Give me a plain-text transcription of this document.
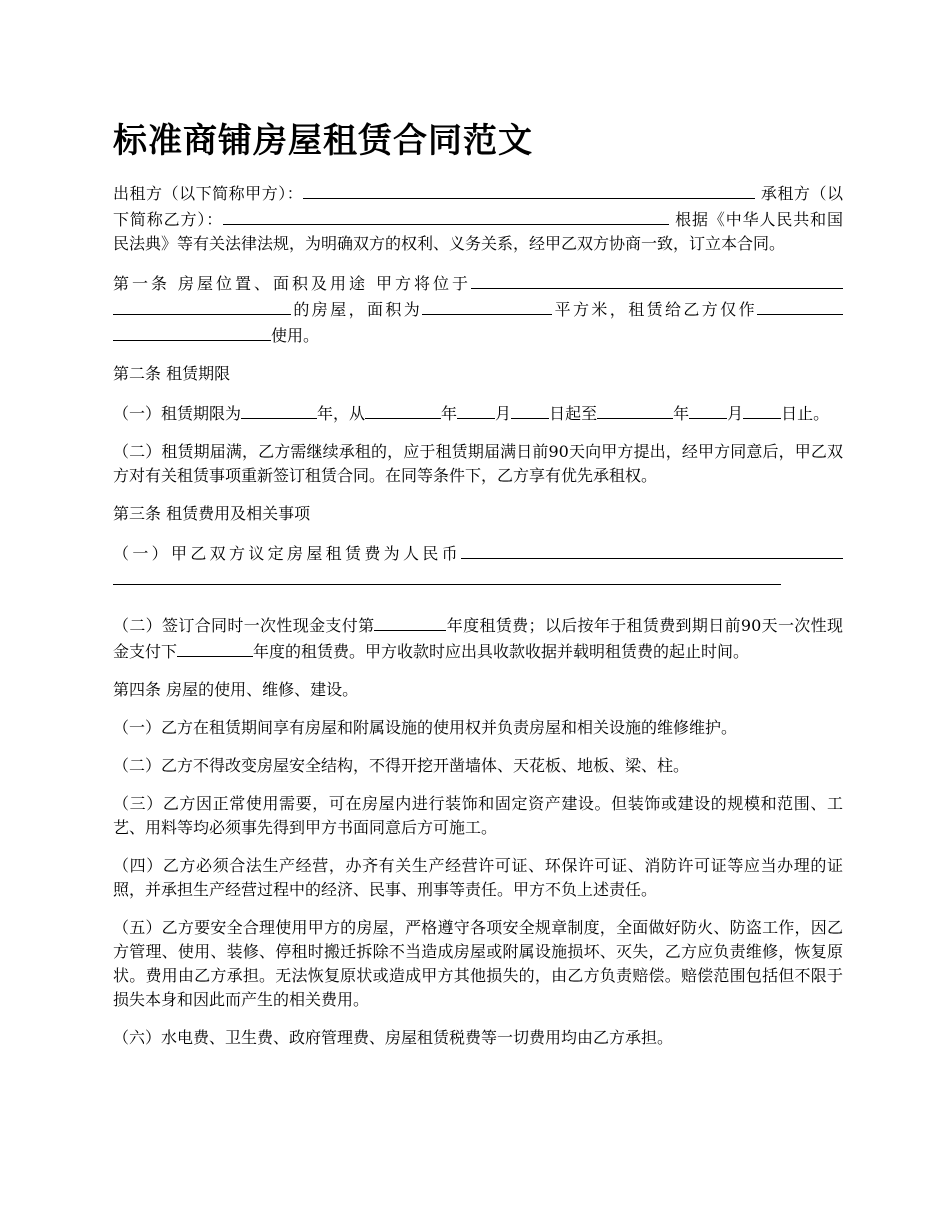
标准商铺房屋租赁合同范文

出租方（以下简称甲方）：	承租方（以下简称乙方）：	根据《中华人民共和国民法典》等有关法律法规，为明确双方的权利、义务关系，经甲乙双方协商一致，订立本合同。

第一条 房屋位置、面积及用途 甲方将位于的房屋，面积为	平方米，租赁给乙方仅作使用。

第二条 租赁期限

（一）租赁期限为	年，从	年 月 日起至	年 月 日止。

（二）租赁期届满，乙方需继续承租的，应于租赁期届满日前90天向甲方提出，经甲方同意后，甲乙双方对有关租赁事项重新签订租赁合同。在同等条件下，乙方享有优先承租权。

第三条 租赁费用及相关事项

（一）甲乙双方议定房屋租赁费为人民币

（二）签订合同时一次性现金支付第	年度租赁费；以后按年于租赁费到期日前90天一次性现金支付下	年度的租赁费。甲方收款时应出具收款收据并载明租赁费的起止时间。

第四条 房屋的使用、维修、建设。

（一）乙方在租赁期间享有房屋和附属设施的使用权并负责房屋和相关设施的维修维护。

（二）乙方不得改变房屋安全结构，不得开挖开凿墙体、天花板、地板、梁、柱。

（三）乙方因正常使用需要，可在房屋内进行装饰和固定资产建设。但装饰或建设的规模和范围、工艺、用料等均必须事先得到甲方书面同意后方可施工。

（四）乙方必须合法生产经营，办齐有关生产经营许可证、环保许可证、消防许可证等应当办理的证照，并承担生产经营过程中的经济、民事、刑事等责任。甲方不负上述责任。

（五）乙方要安全合理使用甲方的房屋，严格遵守各项安全规章制度，全面做好防火、防盗工作，因乙方管理、使用、装修、停租时搬迁拆除不当造成房屋或附属设施损坏、灭失，乙方应负责维修，恢复原状。费用由乙方承担。无法恢复原状或造成甲方其他损失的，由乙方负责赔偿。赔偿范围包括但不限于损失本身和因此而产生的相关费用。

（六）水电费、卫生费、政府管理费、房屋租赁税费等一切费用均由乙方承担。
